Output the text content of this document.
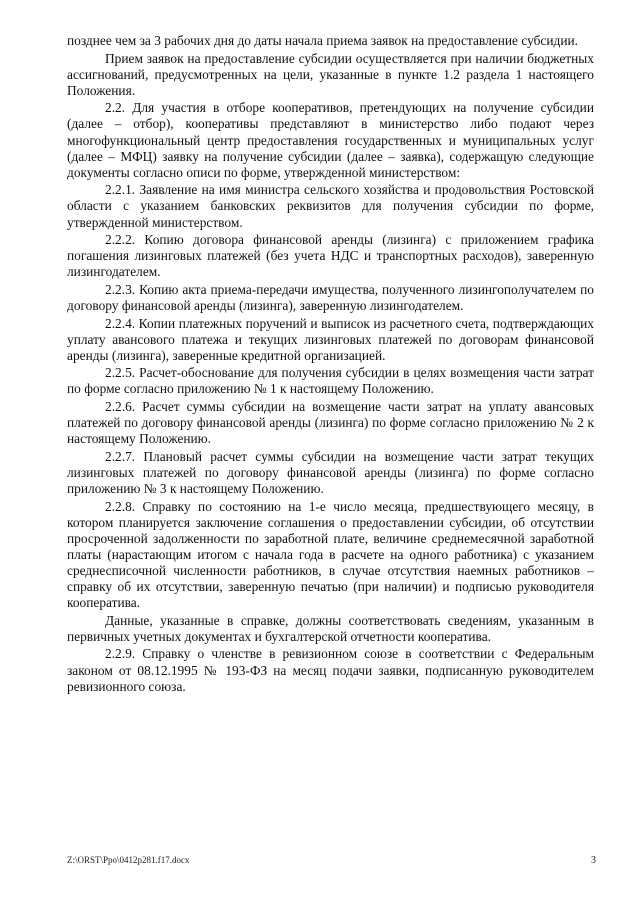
позднее чем за 3 рабочих дня до даты начала приема заявок на предоставление субсидии.

Прием заявок на предоставление субсидии осуществляется при наличии бюджетных ассигнований, предусмотренных на цели, указанные в пункте 1.2 раздела 1 настоящего Положения.

2.2. Для участия в отборе кооперативов, претендующих на получение субсидии (далее – отбор), кооперативы представляют в министерство либо подают через многофункциональный центр предоставления государственных и муниципальных услуг (далее – МФЦ) заявку на получение субсидии (далее – заявка), содержащую следующие документы согласно описи по форме, утвержденной министерством:

2.2.1. Заявление на имя министра сельского хозяйства и продовольствия Ростовской области с указанием банковских реквизитов для получения субсидии по форме, утвержденной министерством.

2.2.2. Копию договора финансовой аренды (лизинга) с приложением графика погашения лизинговых платежей (без учета НДС и транспортных расходов), заверенную лизингодателем.

2.2.3. Копию акта приема-передачи имущества, полученного лизингополучателем по договору финансовой аренды (лизинга), заверенную лизингодателем.

2.2.4. Копии платежных поручений и выписок из расчетного счета, подтверждающих уплату авансового платежа и текущих лизинговых платежей по договорам финансовой аренды (лизинга), заверенные кредитной организацией.

2.2.5. Расчет-обоснование для получения субсидии в целях возмещения части затрат по форме согласно приложению № 1 к настоящему Положению.

2.2.6. Расчет суммы субсидии на возмещение части затрат на уплату авансовых платежей по договору финансовой аренды (лизинга) по форме согласно приложению № 2 к настоящему Положению.

2.2.7. Плановый расчет суммы субсидии на возмещение части затрат текущих лизинговых платежей по договору финансовой аренды (лизинга) по форме согласно приложению № 3 к настоящему Положению.

2.2.8. Справку по состоянию на 1-е число месяца, предшествующего месяцу, в котором планируется заключение соглашения о предоставлении субсидии, об отсутствии просроченной задолженности по заработной плате, величине среднемесячной заработной платы (нарастающим итогом с начала года в расчете на одного работника) с указанием среднесписочной численности работников, в случае отсутствия наемных работников – справку об их отсутствии, заверенную печатью (при наличии) и подписью руководителя кооператива.

Данные, указанные в справке, должны соответствовать сведениям, указанным в первичных учетных документах и бухгалтерской отчетности кооператива.

2.2.9. Справку о членстве в ревизионном союзе в соответствии с Федеральным законом от 08.12.1995 № 193-ФЗ на месяц подачи заявки, подписанную руководителем ревизионного союза.

Z:\ORST\Ppo\0412p281.f17.docx	3
